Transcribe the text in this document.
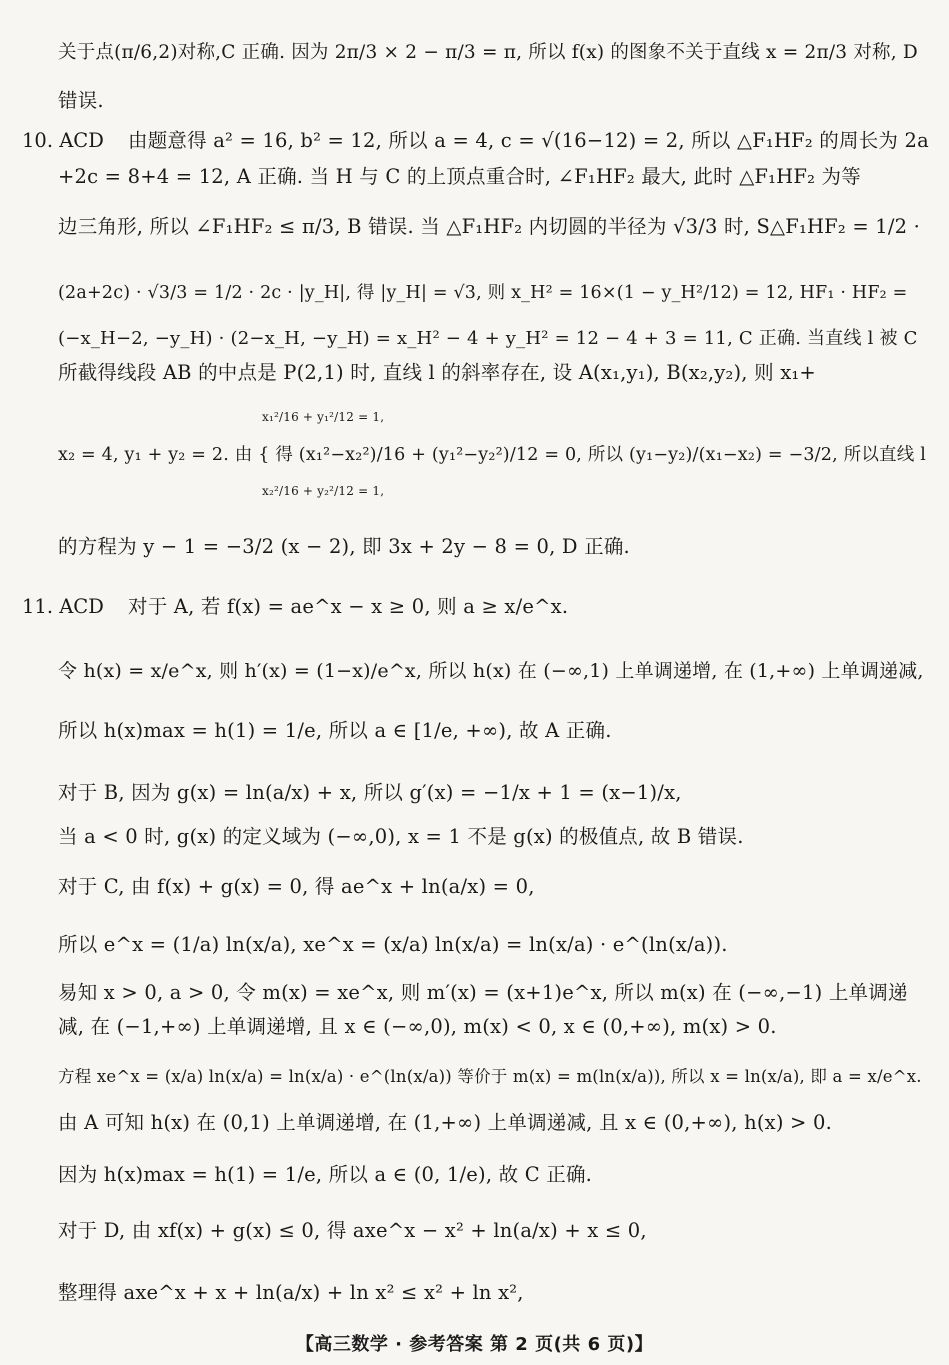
关于点(π/6,2)对称,C 正确. 因为 2π/3 × 2 − π/3 = π, 所以 f(x) 的图象不关于直线 x = 2π/3 对称, D
错误.
10. ACD 由题意得 a² = 16, b² = 12, 所以 a = 4, c = √(16−12) = 2, 所以 △F₁HF₂ 的周长为 2a
+2c = 8+4 = 12, A 正确. 当 H 与 C 的上顶点重合时, ∠F₁HF₂ 最大, 此时 △F₁HF₂ 为等
边三角形, 所以 ∠F₁HF₂ ≤ π/3, B 错误. 当 △F₁HF₂ 内切圆的半径为 √3/3 时, S△F₁HF₂ = 1/2 ·
(2a+2c) · √3/3 = 1/2 · 2c · |y_H|, 得 |y_H| = √3, 则 x_H² = 16×(1 − y_H²/12) = 12, HF₁ · HF₂ =
(−x_H−2, −y_H) · (2−x_H, −y_H) = x_H² − 4 + y_H² = 12 − 4 + 3 = 11, C 正确. 当直线 l 被 C
所截得线段 AB 的中点是 P(2,1) 时, 直线 l 的斜率存在, 设 A(x₁,y₁), B(x₂,y₂), 则 x₁+
x₁²/16 + y₁²/12 = 1,
x₂ = 4, y₁ + y₂ = 2. 由 { 得 (x₁²−x₂²)/16 + (y₁²−y₂²)/12 = 0, 所以 (y₁−y₂)/(x₁−x₂) = −3/2, 所以直线 l
x₂²/16 + y₂²/12 = 1,
的方程为 y − 1 = −3/2 (x − 2), 即 3x + 2y − 8 = 0, D 正确.
11. ACD 对于 A, 若 f(x) = ae^x − x ≥ 0, 则 a ≥ x/e^x.
令 h(x) = x/e^x, 则 h′(x) = (1−x)/e^x, 所以 h(x) 在 (−∞,1) 上单调递增, 在 (1,+∞) 上单调递减,
所以 h(x)max = h(1) = 1/e, 所以 a ∈ [1/e, +∞), 故 A 正确.
对于 B, 因为 g(x) = ln(a/x) + x, 所以 g′(x) = −1/x + 1 = (x−1)/x,
当 a < 0 时, g(x) 的定义域为 (−∞,0), x = 1 不是 g(x) 的极值点, 故 B 错误.
对于 C, 由 f(x) + g(x) = 0, 得 ae^x + ln(a/x) = 0,
所以 e^x = (1/a) ln(x/a), xe^x = (x/a) ln(x/a) = ln(x/a) · e^(ln(x/a)).
易知 x > 0, a > 0, 令 m(x) = xe^x, 则 m′(x) = (x+1)e^x, 所以 m(x) 在 (−∞,−1) 上单调递
减, 在 (−1,+∞) 上单调递增, 且 x ∈ (−∞,0), m(x) < 0, x ∈ (0,+∞), m(x) > 0.
方程 xe^x = (x/a) ln(x/a) = ln(x/a) · e^(ln(x/a)) 等价于 m(x) = m(ln(x/a)), 所以 x = ln(x/a), 即 a = x/e^x.
由 A 可知 h(x) 在 (0,1) 上单调递增, 在 (1,+∞) 上单调递减, 且 x ∈ (0,+∞), h(x) > 0.
因为 h(x)max = h(1) = 1/e, 所以 a ∈ (0, 1/e), 故 C 正确.
对于 D, 由 xf(x) + g(x) ≤ 0, 得 axe^x − x² + ln(a/x) + x ≤ 0,
整理得 axe^x + x + ln(a/x) + ln x² ≤ x² + ln x²,
【高三数学 · 参考答案 第 2 页(共 6 页)】
